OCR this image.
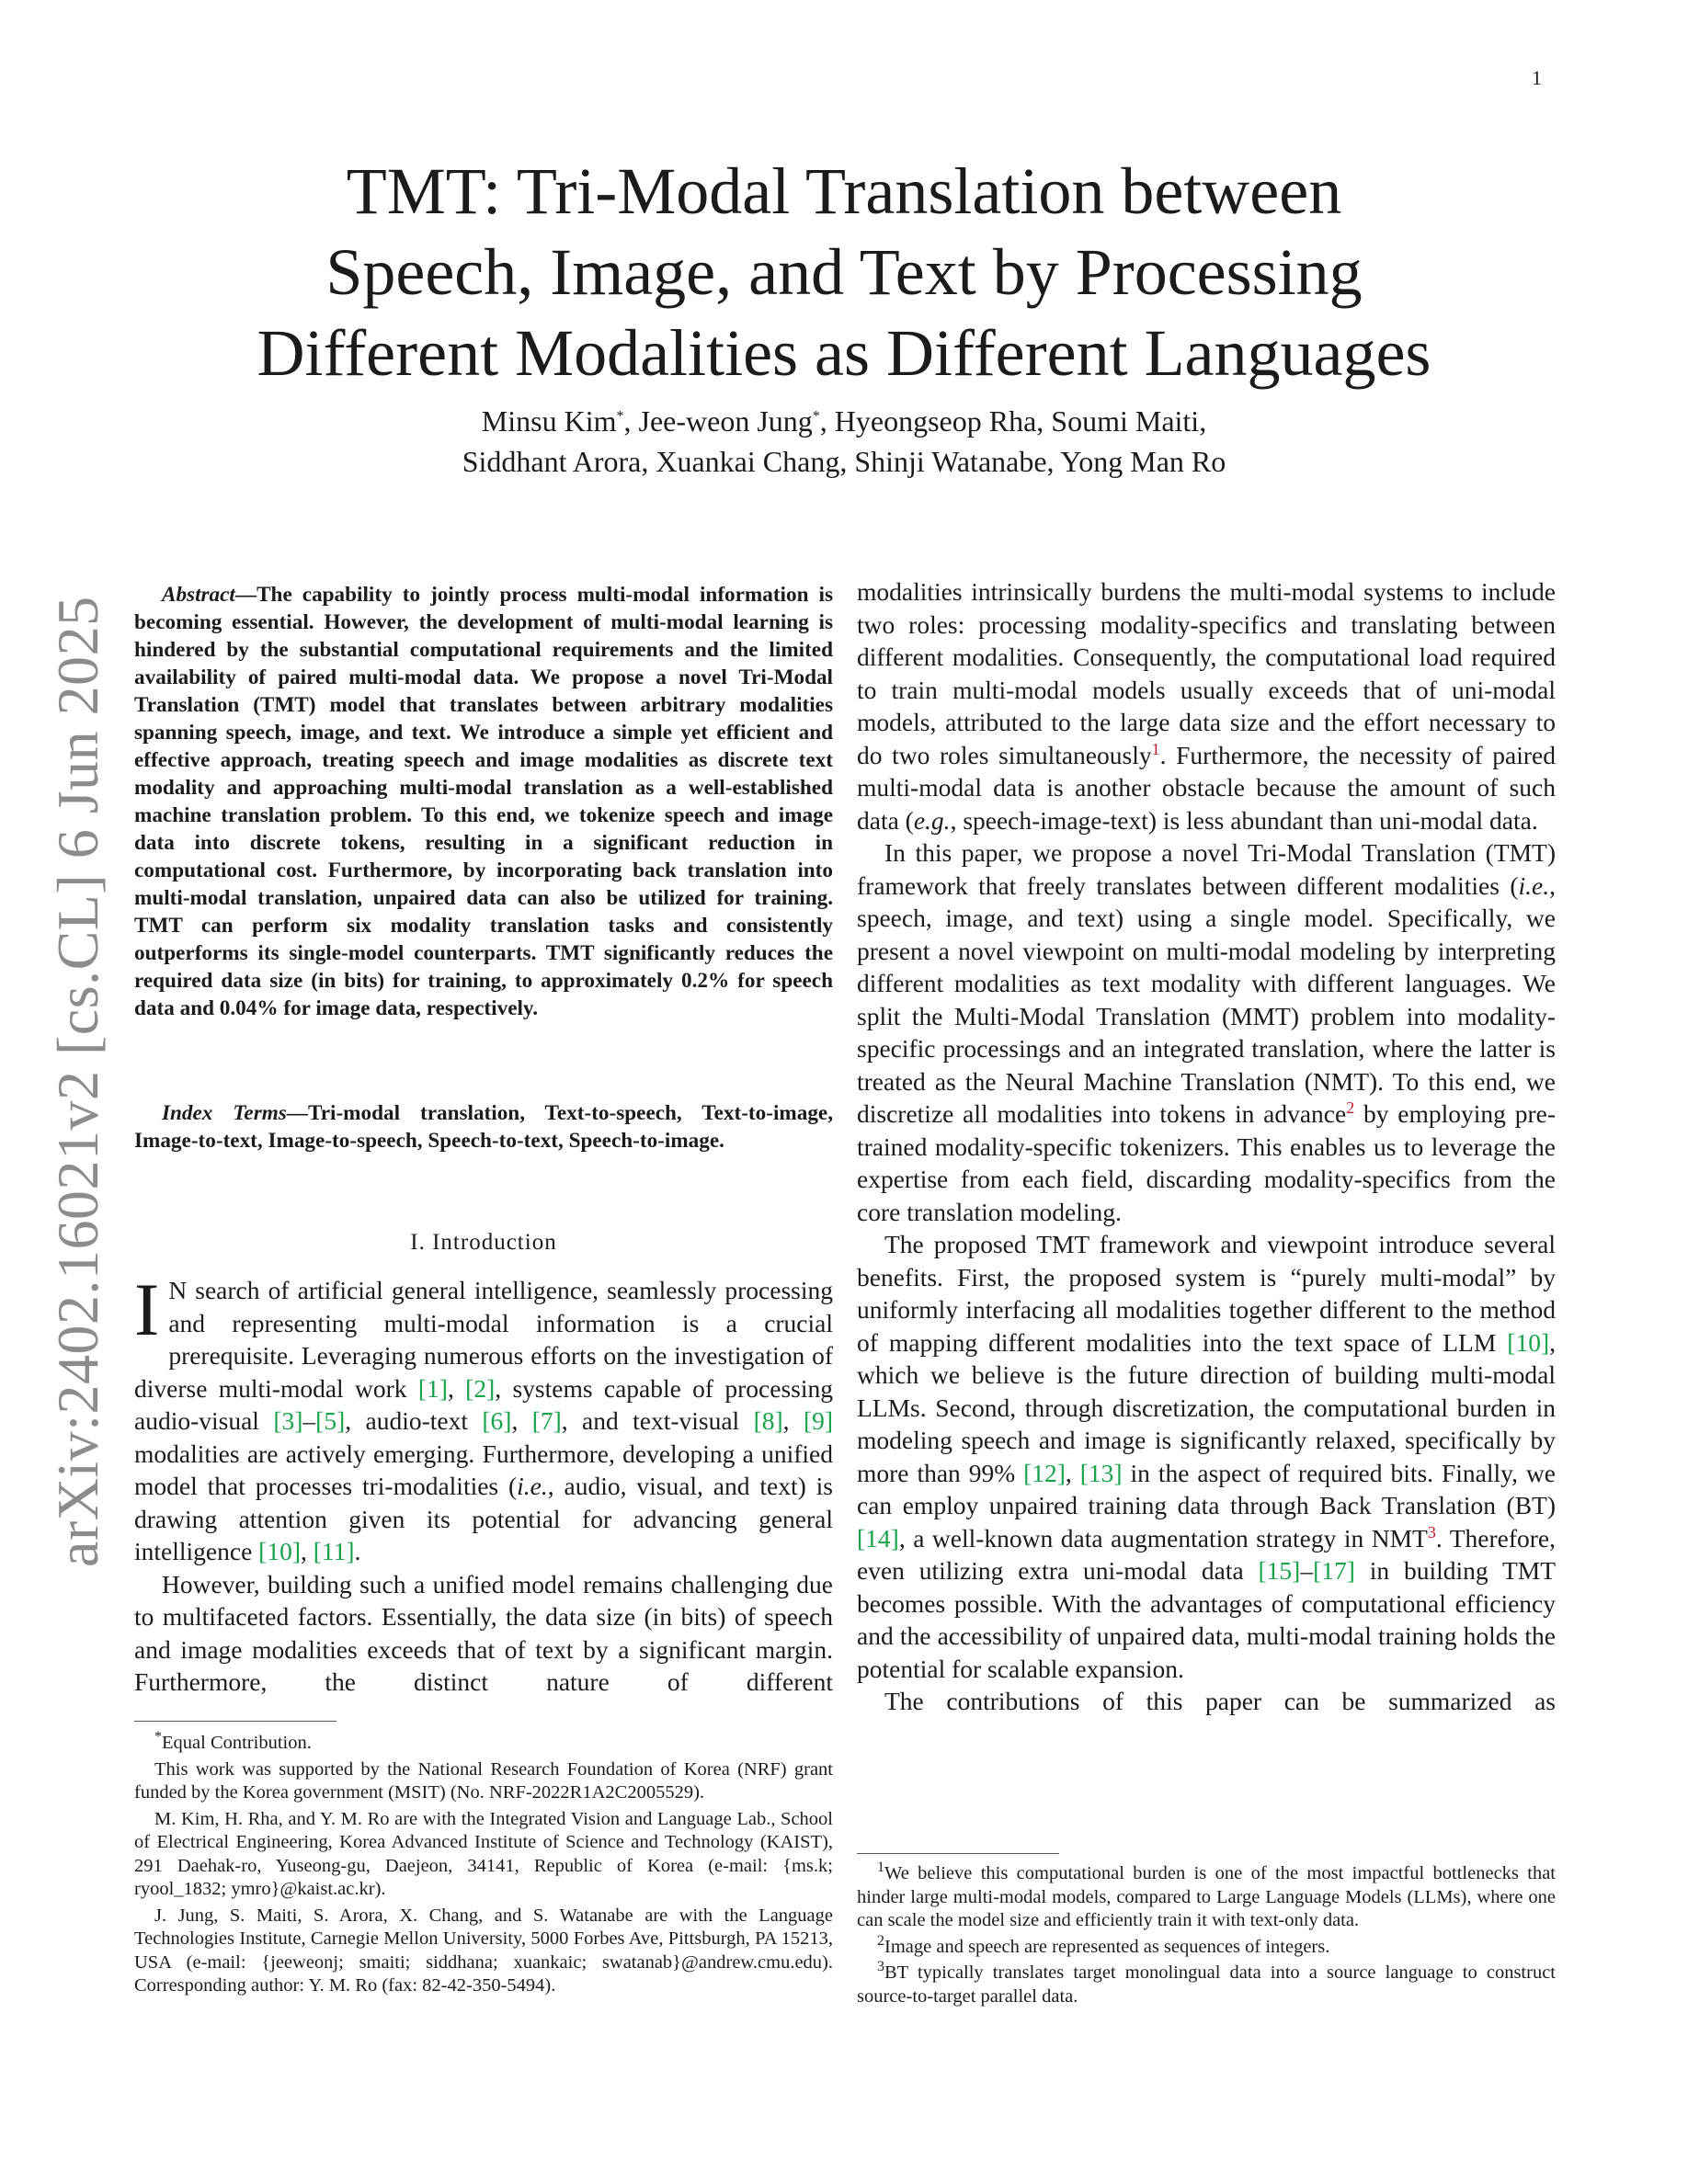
1
arXiv:2402.16021v2 [cs.CL] 6 Jun 2025
TMT: Tri-Modal Translation between
Speech, Image, and Text by Processing
Different Modalities as Different Languages
Minsu Kim*, Jee-weon Jung*, Hyeongseop Rha, Soumi Maiti,
Siddhant Arora, Xuankai Chang, Shinji Watanabe, Yong Man Ro

Abstract—The capability to jointly process multi-modal information is becoming essential. However, the development of multi-modal learning is hindered by the substantial computational requirements and the limited availability of paired multi-modal data. We propose a novel Tri-Modal Translation (TMT) model that translates between arbitrary modalities spanning speech, image, and text. We introduce a simple yet efficient and effective approach, treating speech and image modalities as discrete text modality and approaching multi-modal translation as a well-established machine translation problem. To this end, we tokenize speech and image data into discrete tokens, resulting in a significant reduction in computational cost. Furthermore, by incorporating back translation into multi-modal translation, unpaired data can also be utilized for training. TMT can perform six modality translation tasks and consistently outperforms its single-model counterparts. TMT significantly reduces the required data size (in bits) for training, to approximately 0.2% for speech data and 0.04% for image data, respectively.

Index Terms—Tri-modal translation, Text-to-speech, Text-to-image, Image-to-text, Image-to-speech, Speech-to-text, Speech-to-image.

I. Introduction

I N search of artificial general intelligence, seamlessly processing and representing multi-modal information is a crucial prerequisite. Leveraging numerous efforts on the investigation of diverse multi-modal work [1], [2], systems capable of processing audio-visual [3]–[5], audio-text [6], [7], and text-visual [8], [9] modalities are actively emerging. Furthermore, developing a unified model that processes tri-modalities (i.e., audio, visual, and text) is drawing attention given its potential for advancing general intelligence [10], [11].

However, building such a unified model remains challenging due to multifaceted factors. Essentially, the data size (in bits) of speech and image modalities exceeds that of text by a significant margin. Furthermore, the distinct nature of different

*Equal Contribution.

This work was supported by the National Research Foundation of Korea (NRF) grant funded by the Korea government (MSIT) (No. NRF-2022R1A2C2005529).

M. Kim, H. Rha, and Y. M. Ro are with the Integrated Vision and Language Lab., School of Electrical Engineering, Korea Advanced Institute of Science and Technology (KAIST), 291 Daehak-ro, Yuseong-gu, Daejeon, 34141, Republic of Korea (e-mail: {ms.k; ryool_1832; ymro}@kaist.ac.kr).

J. Jung, S. Maiti, S. Arora, X. Chang, and S. Watanabe are with the Language Technologies Institute, Carnegie Mellon University, 5000 Forbes Ave, Pittsburgh, PA 15213, USA (e-mail: {jeeweonj; smaiti; siddhana; xuankaic; swatanab}@andrew.cmu.edu). Corresponding author: Y. M. Ro (fax: 82-42-350-5494).

modalities intrinsically burdens the multi-modal systems to include two roles: processing modality-specifics and translating between different modalities. Consequently, the computational load required to train multi-modal models usually exceeds that of uni-modal models, attributed to the large data size and the effort necessary to do two roles simultaneously$^1$. Furthermore, the necessity of paired multi-modal data is another obstacle because the amount of such data (e.g., speech-image-text) is less abundant than uni-modal data.

In this paper, we propose a novel Tri-Modal Translation (TMT) framework that freely translates between different modalities (i.e., speech, image, and text) using a single model. Specifically, we present a novel viewpoint on multi-modal modeling by interpreting different modalities as text modality with different languages. We split the Multi-Modal Translation (MMT) problem into modality-specific processings and an integrated translation, where the latter is treated as the Neural Machine Translation (NMT). To this end, we discretize all modalities into tokens in advance$^2$ by employing pre-trained modality-specific tokenizers. This enables us to leverage the expertise from each field, discarding modality-specifics from the core translation modeling.

The proposed TMT framework and viewpoint introduce several benefits. First, the proposed system is “purely multi-modal” by uniformly interfacing all modalities together different to the method of mapping different modalities into the text space of LLM [10], which we believe is the future direction of building multi-modal LLMs. Second, through discretization, the computational burden in modeling speech and image is significantly relaxed, specifically by more than 99% [12], [13] in the aspect of required bits. Finally, we can employ unpaired training data through Back Translation (BT) [14], a well-known data augmentation strategy in NMT$^3$. Therefore, even utilizing extra uni-modal data [15]–[17] in building TMT becomes possible. With the advantages of computational efficiency and the accessibility of unpaired data, multi-modal training holds the potential for scalable expansion.

The contributions of this paper can be summarized as

$^1$We believe this computational burden is one of the most impactful bottlenecks that hinder large multi-modal models, compared to Large Language Models (LLMs), where one can scale the model size and efficiently train it with text-only data.

$^2$Image and speech are represented as sequences of integers.

$^3$BT typically translates target monolingual data into a source language to construct source-to-target parallel data.
